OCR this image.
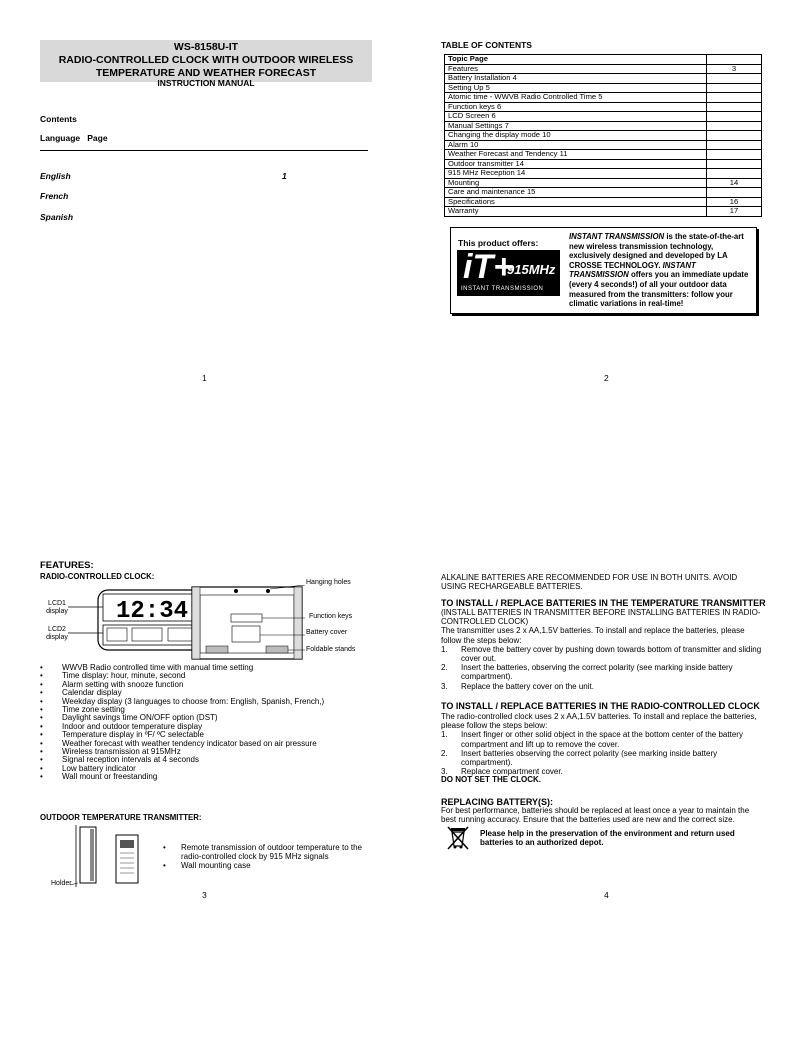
WS-8158U-IT
RADIO-CONTROLLED CLOCK WITH OUTDOOR WIRELESS
TEMPERATURE AND WEATHER FORECAST
INSTRUCTION MANUAL
Contents
Language   Page
English	1
French
Spanish
1
TABLE OF CONTENTS
Topic Page	
Features	3
Battery Installation 4	
Setting Up 5	
Atomic time - WWVB Radio Controlled Time 5	
Function keys 6	
LCD Screen 6	
Manual Settings 7	
Changing the display mode 10	
Alarm 10	
Weather Forecast and Tendency 11	
Outdoor transmitter 14	
915 MHz Reception 14	
Mounting	14
Care and maintenance 15	
Specifications	16
Warranty	17
This product offers:
iT+
915MHz
INSTANT TRANSMISSION
INSTANT TRANSMISSION is the state-of-the-art new wireless transmission technology, exclusively designed and developed by LA CROSSE TECHNOLOGY. INSTANT TRANSMISSION offers you an immediate update (every 4 seconds!) of all your outdoor data measured from the transmitters: follow your climatic variations in real-time!
2
FEATURES:
RADIO-CONTROLLED CLOCK:
12:34
LCD1 display
LCD2 display
Hanging holes
Function keys
Battery cover
Foldable stands
• WWVB Radio controlled time with manual time setting
• Time display: hour, minute, second
• Alarm setting with snooze function
• Calendar display
• Weekday display (3 languages to choose from: English, Spanish, French,)
• Time zone setting
• Daylight savings time ON/OFF option (DST)
• Indoor and outdoor temperature display
• Temperature display in ºF/ ºC selectable
• Weather forecast with weather tendency indicator based on air pressure
• Wireless transmission at 915MHz
• Signal reception intervals at 4 seconds
• Low battery indicator
• Wall mount or freestanding
OUTDOOR TEMPERATURE TRANSMITTER:
Holder
• Remote transmission of outdoor temperature to the radio-controlled clock by 915 MHz signals
• Wall mounting case
3
ALKALINE BATTERIES ARE RECOMMENDED FOR USE IN BOTH UNITS. AVOID USING RECHARGEABLE BATTERIES.
TO INSTALL / REPLACE BATTERIES IN THE TEMPERATURE TRANSMITTER
(INSTALL BATTERIES IN TRANSMITTER BEFORE INSTALLING BATTERIES IN RADIO-CONTROLLED CLOCK)
The transmitter uses 2 x AA,1.5V batteries. To install and replace the batteries, please follow the steps below:
1. Remove the battery cover by pushing down towards bottom of transmitter and sliding cover out.
2. Insert the batteries, observing the correct polarity (see marking inside battery compartment).
3. Replace the battery cover on the unit.
TO INSTALL / REPLACE BATTERIES IN THE RADIO-CONTROLLED CLOCK
The radio-controlled clock uses 2 x AA,1.5V batteries. To install and replace the batteries, please follow the steps below:
1. Insert finger or other solid object in the space at the bottom center of the battery compartment and lift up to remove the cover.
2. Insert batteries observing the correct polarity (see marking inside battery compartment).
3. Replace compartment cover.
DO NOT SET THE CLOCK.
REPLACING BATTERY(S):
For best performance, batteries should be replaced at least once a year to maintain the best running accuracy. Ensure that the batteries used are new and the correct size.
Please help in the preservation of the environment and return used batteries to an authorized depot.
4
